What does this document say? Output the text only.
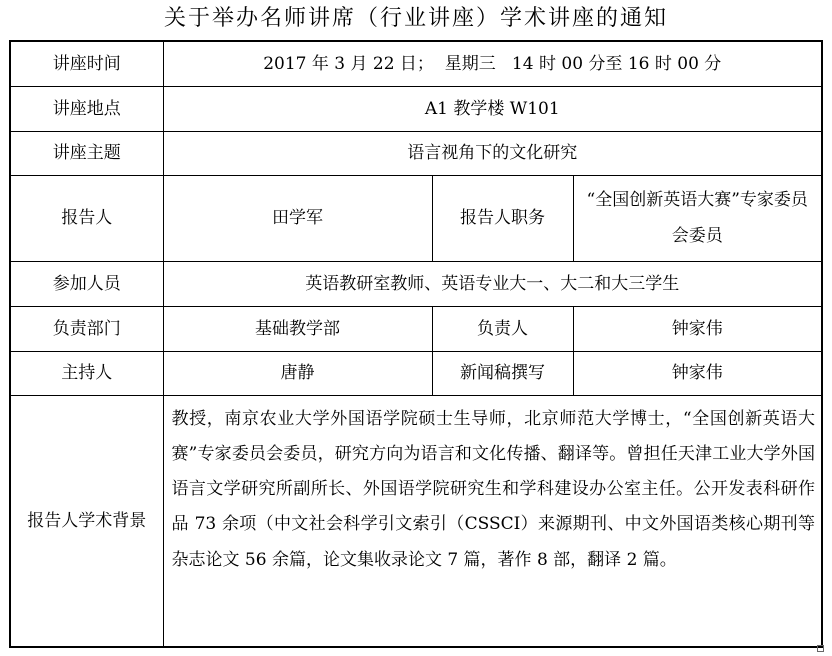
关于举办名师讲席（行业讲座）学术讲座的通知
讲座时间	2017 年 3 月 22 日；  星期三   14 时 00 分至 16 时 00 分		
讲座地点	A1 教学楼 W101		
讲座主题	语言视角下的文化研究		
报告人	田学军	报告人职务	“全国创新英语大赛”专家委员会委员
参加人员	英语教研室教师、英语专业大一、大二和大三学生		
负责部门	基础教学部	负责人	钟家伟
主持人	唐静	新闻稿撰写	钟家伟
报告人学术背景	教授，南京农业大学外国语学院硕士生导师，北京师范大学博士，“全国创新英语大赛”专家委员会委员，研究方向为语言和文化传播、翻译等。曾担任天津工业大学外国语言文学研究所副所长、外国语学院研究生和学科建设办公室主任。公开发表科研作品 73 余项（中文社会科学引文索引（CSSCI）来源期刊、中文外国语类核心期刊等杂志论文 56 余篇，论文集收录论文 7 篇，著作 8 部，翻译 2 篇。		
